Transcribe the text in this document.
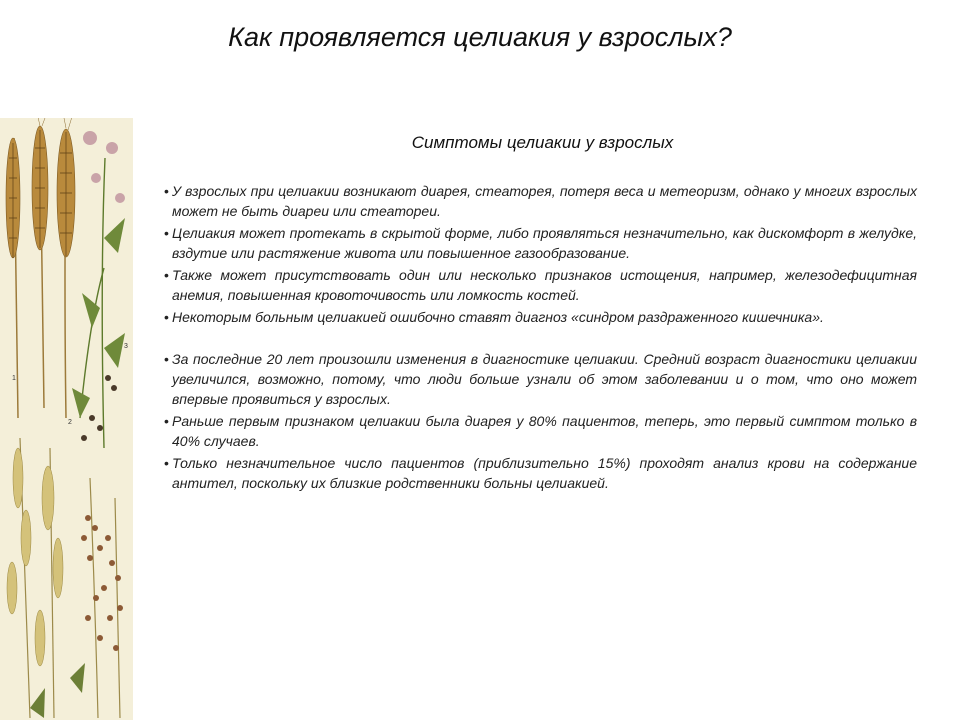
Как проявляется целиакия у взрослых?
1
2
3
Симптомы целиакии у взрослых
• У взрослых при целиакии возникают диарея, стеаторея, потеря веса и метеоризм, однако у многих взрослых может не быть диареи или стеатореи.
• Целиакия может протекать в скрытой форме, либо проявляться незначительно, как дискомфорт в желудке, вздутие или растяжение живота или повышенное газообразование.
• Также может присутствовать один или несколько признаков истощения, например, железодефицитная анемия, повышенная кровоточивость или ломкость костей.
• Некоторым больным целиакией ошибочно ставят диагноз «синдром раздраженного кишечника».
• За последние 20 лет произошли изменения в диагностике целиакии. Средний возраст диагностики целиакии увеличился, возможно, потому, что люди больше узнали об этом заболевании и о том, что оно может впервые проявиться у взрослых.
• Раньше первым признаком целиакии была диарея у 80% пациентов, теперь, это первый симптом только в 40% случаев.
• Только незначительное число пациентов (приблизительно 15%) проходят анализ крови на содержание антител, поскольку их близкие родственники больны целиакией.
